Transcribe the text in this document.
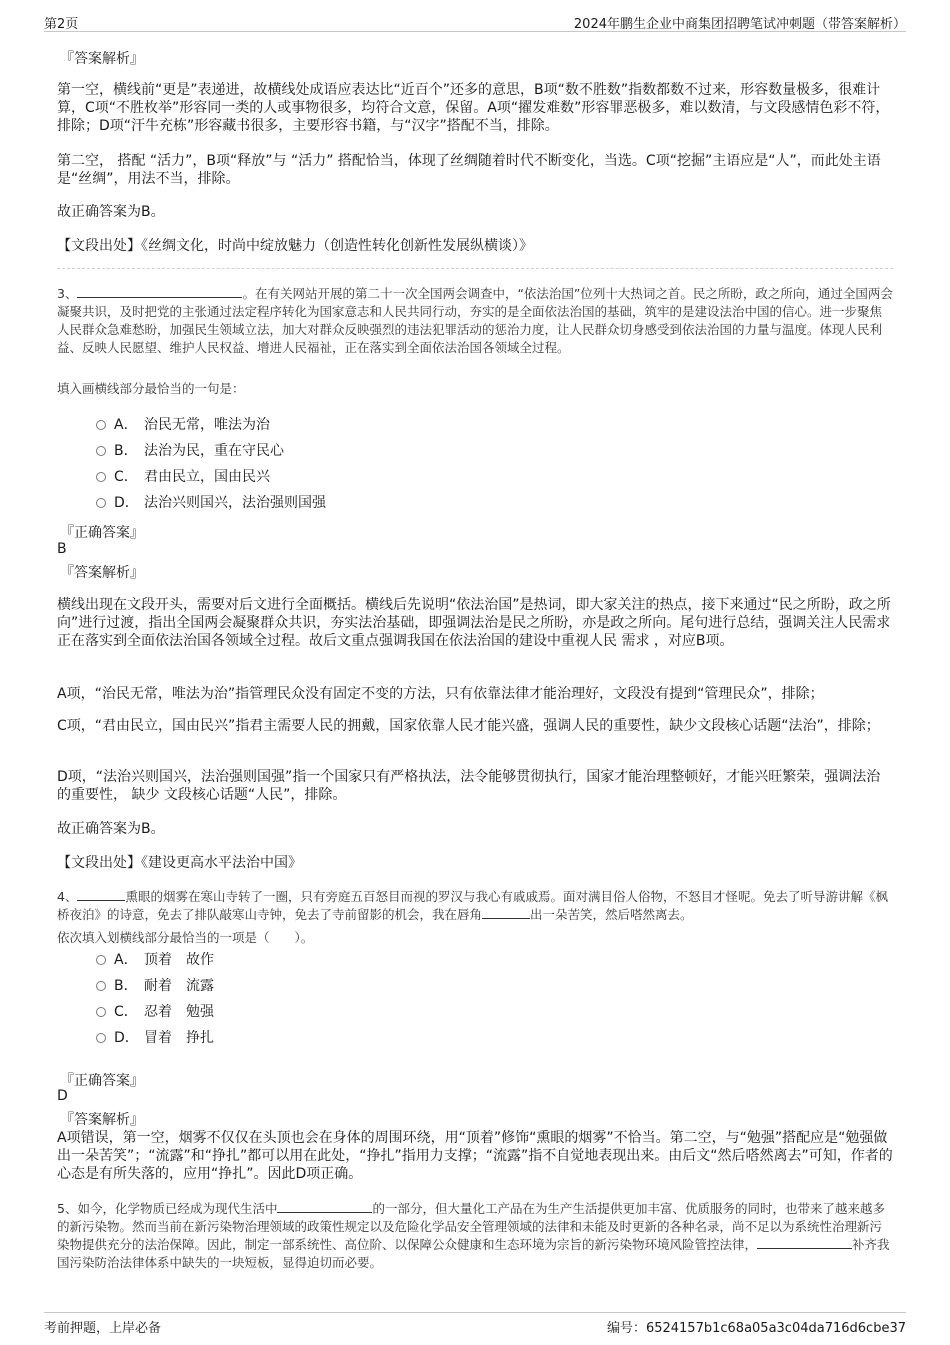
第2页	2024年鹏生企业中商集团招聘笔试冲刺题（带答案解析）
『答案解析』
第一空，横线前“更是”表递进，故横线处成语应表达比“近百个”还多的意思，B项“数不胜数”指数都数不过来，形容数量极多，很难计算，C项“不胜枚举”形容同一类的人或事物很多，均符合文意，保留。A项“擢发难数”形容罪恶极多，难以数清，与文段感情色彩不符，排除；D项“汗牛充栋”形容藏书很多，主要形容书籍，与“汉字”搭配不当，排除。
第二空， 搭配 “活力”，B项“释放”与 “活力” 搭配恰当，体现了丝绸随着时代不断变化，当选。C项“挖掘”主语应是“人”，而此处主语是“丝绸”，用法不当，排除。
故正确答案为B。
【文段出处】《丝绸文化，时尚中绽放魅力（创造性转化创新性发展纵横谈）》
3、	。在有关网站开展的第二十一次全国两会调查中，“依法治国”位列十大热词之首。民之所盼，政之所向，通过全国两会凝聚共识，及时把党的主张通过法定程序转化为国家意志和人民共同行动，夯实的是全面依法治国的基础，筑牢的是建设法治中国的信心。进一步聚焦人民群众急难愁盼，加强民生领域立法，加大对群众反映强烈的违法犯罪活动的惩治力度，让人民群众切身感受到依法治国的力量与温度。体现人民利益、反映人民愿望、维护人民权益、增进人民福祉，正在落实到全面依法治国各领域全过程。
填入画横线部分最恰当的一句是：
A． 治民无常，唯法为治
B． 法治为民，重在守民心
C． 君由民立，国由民兴
D． 法治兴则国兴，法治强则国强
『正确答案』
B
『答案解析』
横线出现在文段开头，需要对后文进行全面概括。横线后先说明“依法治国”是热词，即大家关注的热点，接下来通过“民之所盼，政之所向”进行过渡，指出全国两会凝聚群众共识，夯实法治基础，即强调法治是民之所盼，亦是政之所向。尾句进行总结，强调关注人民需求正在落实到全面依法治国各领域全过程。故后文重点强调我国在依法治国的建设中重视人民 需求 ，对应B项。
A项，“治民无常，唯法为治”指管理民众没有固定不变的方法，只有依靠法律才能治理好，文段没有提到“管理民众”，排除；
C项，“君由民立，国由民兴”指君主需要人民的拥戴，国家依靠人民才能兴盛，强调人民的重要性，缺少文段核心话题“法治”，排除；
D项，“法治兴则国兴，法治强则国强”指一个国家只有严格执法，法令能够贯彻执行，国家才能治理整顿好，才能兴旺繁荣，强调法治的重要性， 缺少 文段核心话题“人民”，排除。
故正确答案为B。
【文段出处】《建设更高水平法治中国》
4、	熏眼的烟雾在寒山寺转了一圈，只有旁庭五百怒目而视的罗汉与我心有戚戚焉。面对满目俗人俗物，不怒目才怪呢。免去了听导游讲解《枫桥夜泊》的诗意，免去了排队敲寒山寺钟，免去了寺前留影的机会，我在唇角	出一朵苦笑，然后嗒然离去。
依次填入划横线部分最恰当的一项是（　　）。
A． 顶着　故作
B． 耐着　流露
C． 忍着　勉强
D． 冒着　挣扎
『正确答案』
D
『答案解析』
A项错误，第一空，烟雾不仅仅在头顶也会在身体的周围环绕，用“顶着”修饰“熏眼的烟雾”不恰当。第二空，与“勉强”搭配应是“勉强做出一朵苦笑”；“流露”和“挣扎”都可以用在此处，“挣扎”指用力支撑；“流露”指不自觉地表现出来。由后文“然后嗒然离去”可知，作者的心态是有所失落的，应用“挣扎”。因此D项正确。
5、如今，化学物质已经成为现代生活中	的一部分，但大量化工产品在为生产生活提供更加丰富、优质服务的同时，也带来了越来越多的新污染物。然而当前在新污染物治理领域的政策性规定以及危险化学品安全管理领域的法律和未能及时更新的各种名录，尚不足以为系统性治理新污染物提供充分的法治保障。因此，制定一部系统性、高位阶、以保障公众健康和生态环境为宗旨的新污染物环境风险管控法律，	补齐我国污染防治法律体系中缺失的一块短板，显得迫切而必要。
考前押题，上岸必备	编号：6524157b1c68a05a3c04da716d6cbe37
